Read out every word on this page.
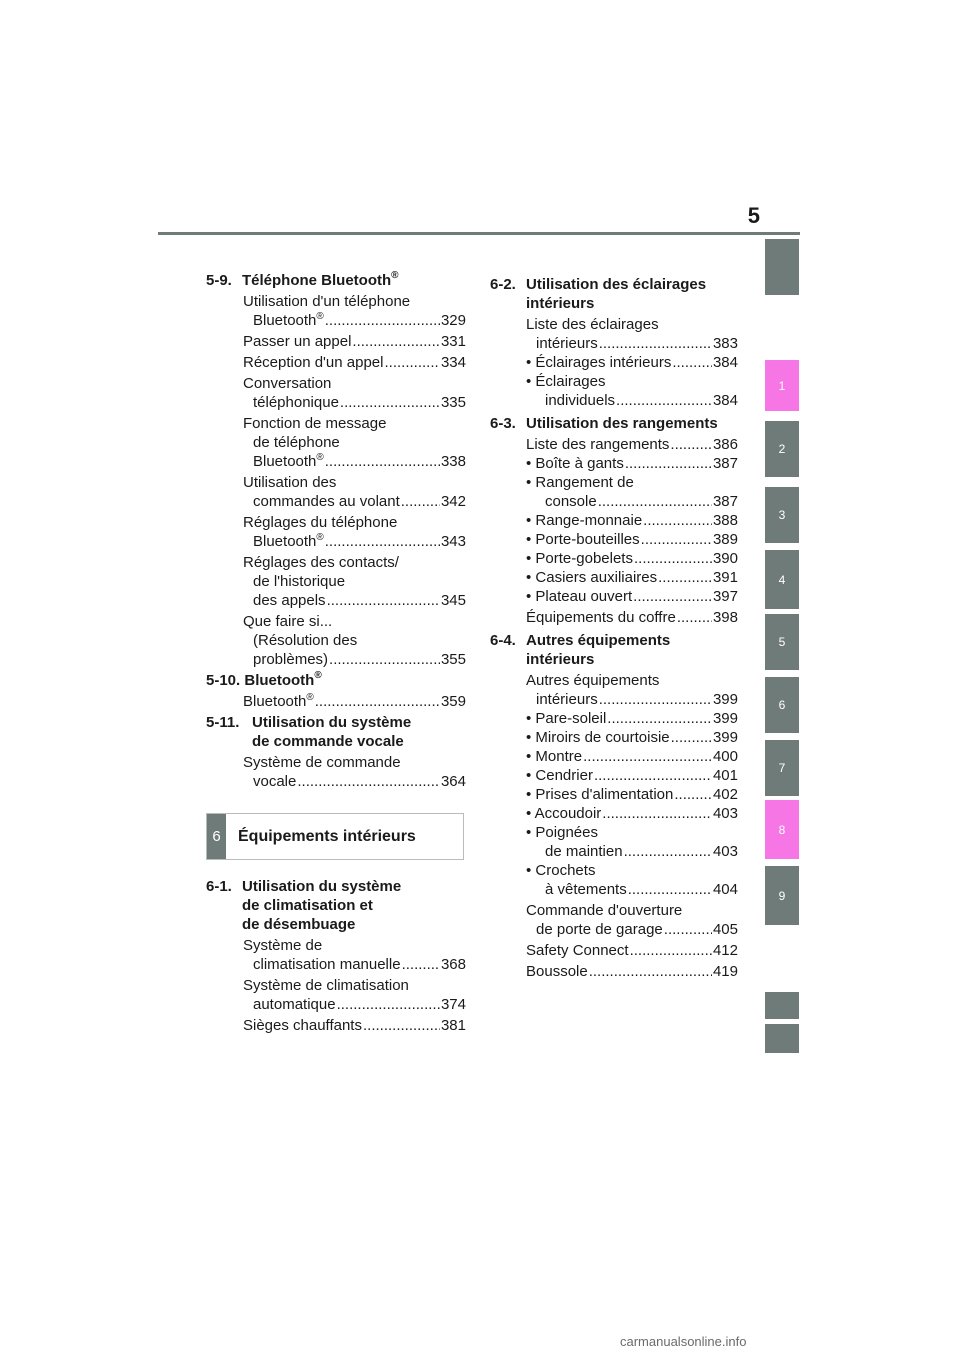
5
1
2
3
4
5
6
7
8
9
5-9. Téléphone Bluetooth®
Utilisation d'un téléphone
Bluetooth® .....	329
Passer un appel .....	331
Réception d'un appel .....	334
Conversation
téléphonique .....	335
Fonction de message
de téléphone
Bluetooth® .....	338
Utilisation des
commandes au volant .....	342
Réglages du téléphone
Bluetooth® .....	343
Réglages des contacts/
de l'historique
des appels .....	345
Que faire si...
(Résolution des
problèmes) .....	355
5-10. Bluetooth®
Bluetooth® .....	359
5-11. Utilisation du système
de commande vocale
Système de commande
vocale .....	364
6	Équipements intérieurs
6-1. Utilisation du système
de climatisation et
de désembuage
Système de
climatisation manuelle .....	368
Système de climatisation
automatique .....	374
Sièges chauffants .....	381
6-2. Utilisation des éclairages
intérieurs
Liste des éclairages
intérieurs .....	383
• Éclairages intérieurs .....	384
• Éclairages
individuels .....	384
6-3. Utilisation des rangements
Liste des rangements .....	386
• Boîte à gants .....	387
• Rangement de
console .....	387
• Range-monnaie .....	388
• Porte-bouteilles .....	389
• Porte-gobelets .....	390
• Casiers auxiliaires .....	391
• Plateau ouvert .....	397
Équipements du coffre ..... 398
6-4. Autres équipements
intérieurs
Autres équipements
intérieurs .....	399
• Pare-soleil .....	399
• Miroirs de courtoisie .....	399
• Montre .....	400
• Cendrier .....	401
• Prises d'alimentation .....	402
• Accoudoir .....	403
• Poignées
de maintien .....	403
• Crochets
à vêtements .....	404
Commande d'ouverture
de porte de garage .....	405
Safety Connect .....	412
Boussole .....	419
carmanualsonline.info
